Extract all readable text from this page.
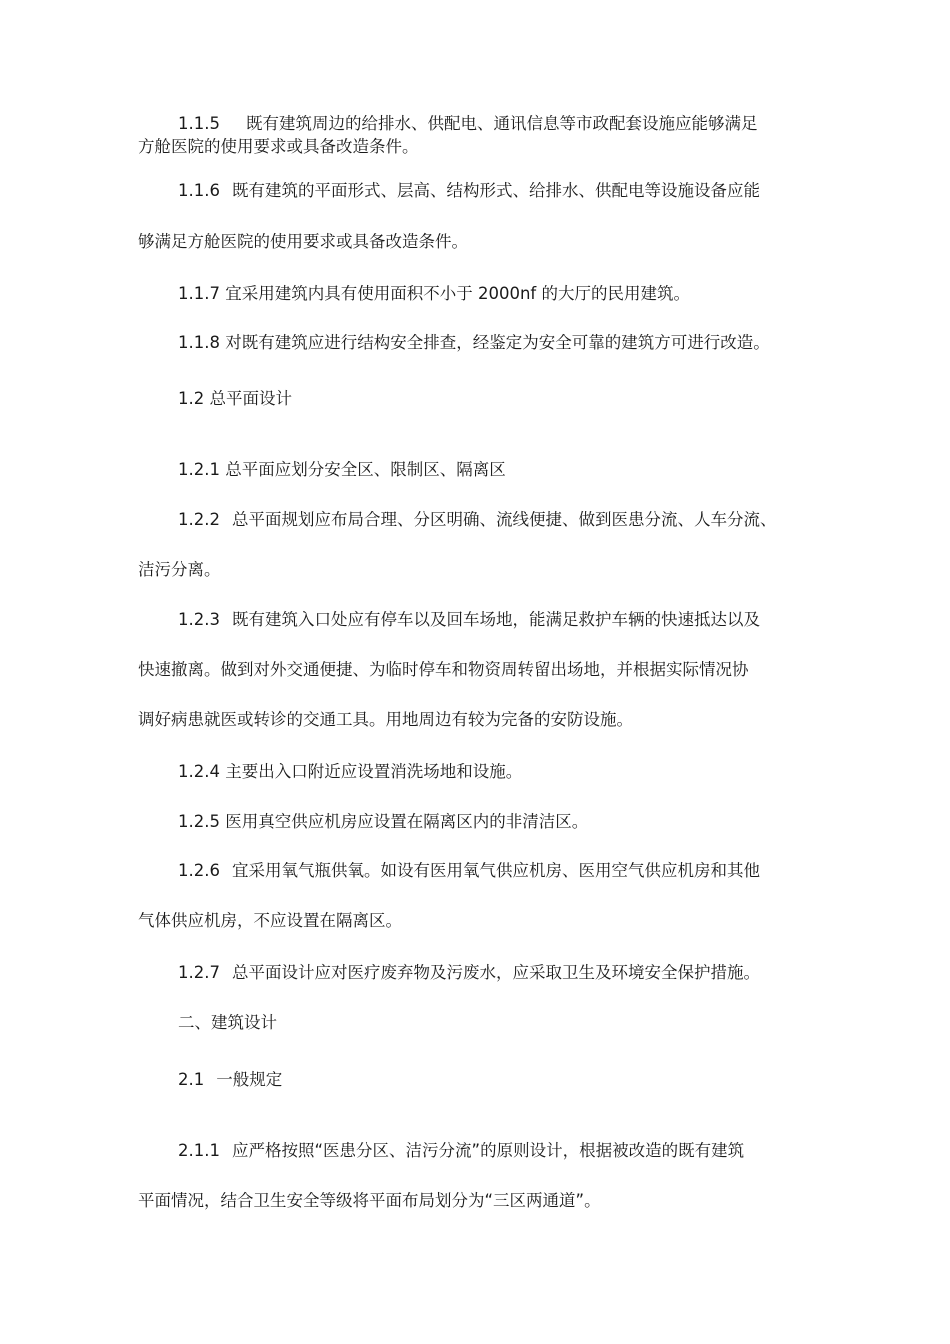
1.1.5 既有建筑周边的给排水、供配电、通讯信息等市政配套设施应能够满足
方舱医院的使用要求或具备改造条件。
1.1.6 既有建筑的平面形式、层高、结构形式、给排水、供配电等设施设备应能
够满足方舱医院的使用要求或具备改造条件。
1.1.7 宜采用建筑内具有使用面积不小于 2000nf 的大厅的民用建筑。
1.1.8 对既有建筑应进行结构安全排查，经鉴定为安全可靠的建筑方可进行改造。
1.2 总平面设计
1.2.1 总平面应划分安全区、限制区、隔离区
1.2.2 总平面规划应布局合理、分区明确、流线便捷、做到医患分流、人车分流、
洁污分离。
1.2.3 既有建筑入口处应有停车以及回车场地，能满足救护车辆的快速抵达以及
快速撤离。做到对外交通便捷、为临时停车和物资周转留出场地，并根据实际情况协
调好病患就医或转诊的交通工具。用地周边有较为完备的安防设施。
1.2.4 主要出入口附近应设置消洗场地和设施。
1.2.5 医用真空供应机房应设置在隔离区内的非清洁区。
1.2.6 宜采用氧气瓶供氧。如设有医用氧气供应机房、医用空气供应机房和其他
气体供应机房，不应设置在隔离区。
1.2.7 总平面设计应对医疗废弃物及污废水，应采取卫生及环境安全保护措施。
二、建筑设计
2.1 一般规定
2.1.1 应严格按照“医患分区、洁污分流”的原则设计，根据被改造的既有建筑
平面情况，结合卫生安全等级将平面布局划分为“三区两通道”。
